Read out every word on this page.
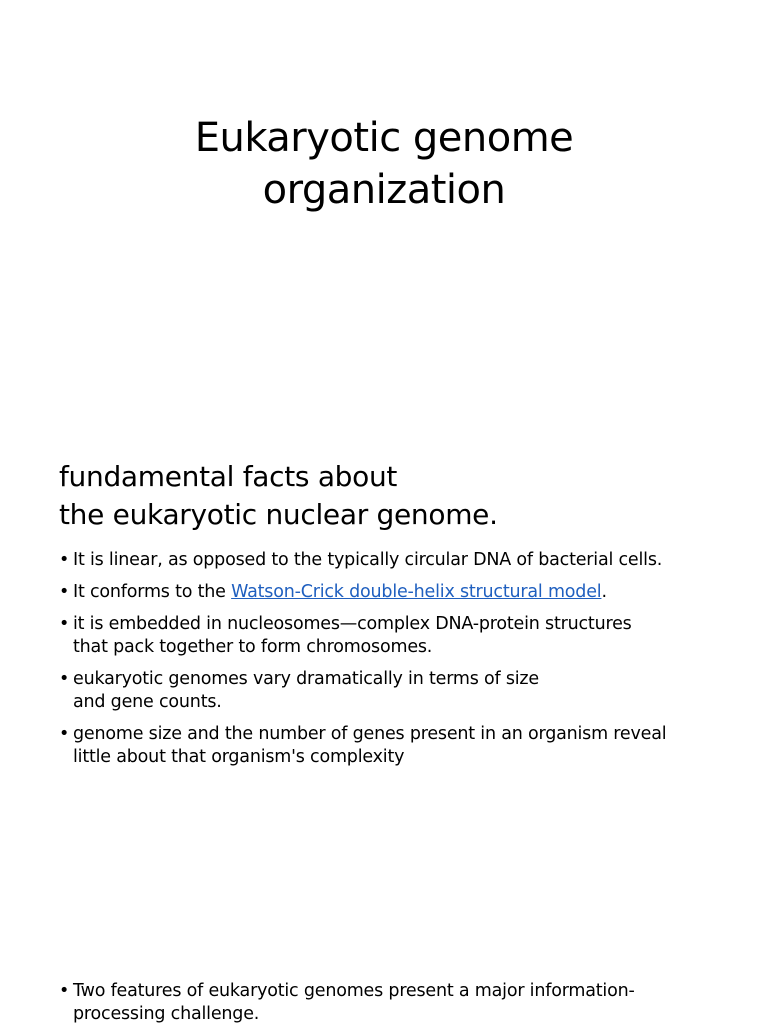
Eukaryotic genome
organization
fundamental facts about
the eukaryotic nuclear genome.
• It is linear, as opposed to the typically circular DNA of bacterial cells.
• It conforms to the Watson-Crick double-helix structural model.
• it is embedded in nucleosomes—complex DNA-protein structures
that pack together to form chromosomes.
• eukaryotic genomes vary dramatically in terms of size
and gene counts.
• genome size and the number of genes present in an organism reveal
little about that organism's complexity
• Two features of eukaryotic genomes present a major information-
processing challenge.
